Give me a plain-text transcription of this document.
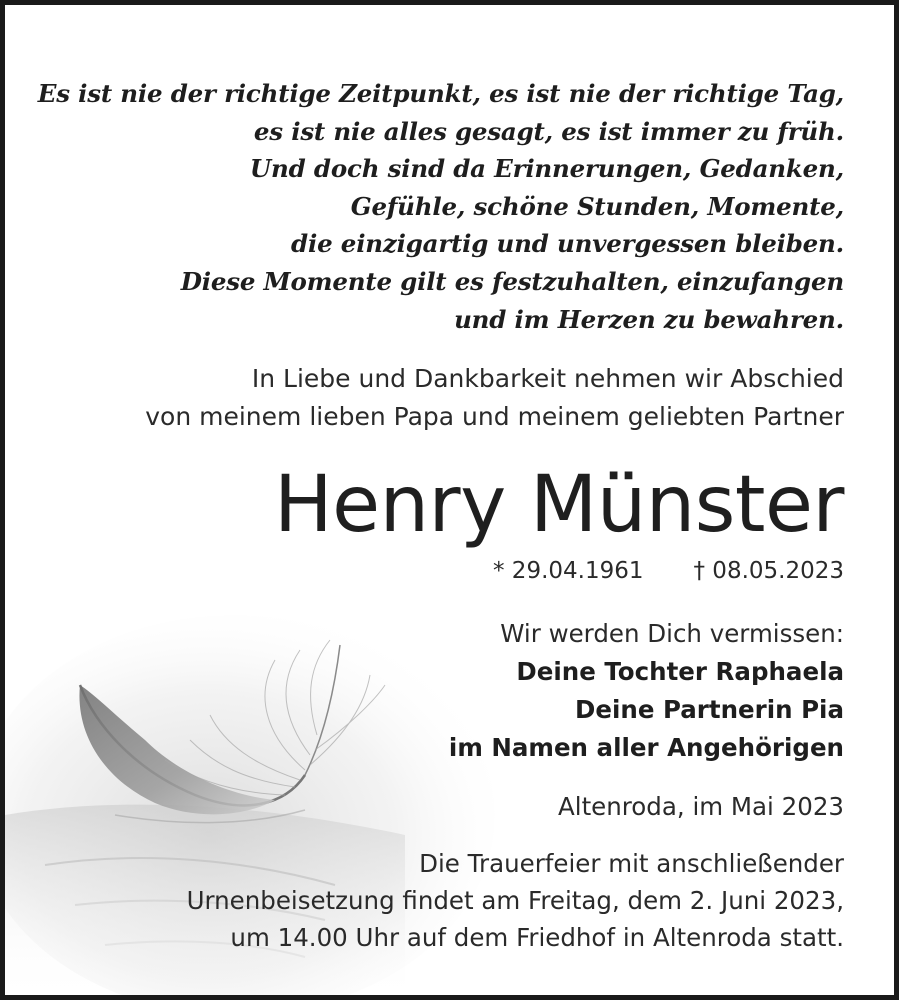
Es ist nie der richtige Zeitpunkt, es ist nie der richtige Tag,
es ist nie alles gesagt, es ist immer zu früh.
Und doch sind da Erinnerungen, Gedanken,
Gefühle, schöne Stunden, Momente,
die einzigartig und unvergessen bleiben.
Diese Momente gilt es festzuhalten, einzufangen
und im Herzen zu bewahren.
In Liebe und Dankbarkeit nehmen wir Abschied
von meinem lieben Papa und meinem geliebten Partner
Henry Münster
* 29.04.1961 † 08.05.2023
Wir werden Dich vermissen:
Deine Tochter Raphaela
Deine Partnerin Pia
im Namen aller Angehörigen
Altenroda, im Mai 2023
Die Trauerfeier mit anschließender
Urnenbeisetzung findet am Freitag, dem 2. Juni 2023,
um 14.00 Uhr auf dem Friedhof in Altenroda statt.
